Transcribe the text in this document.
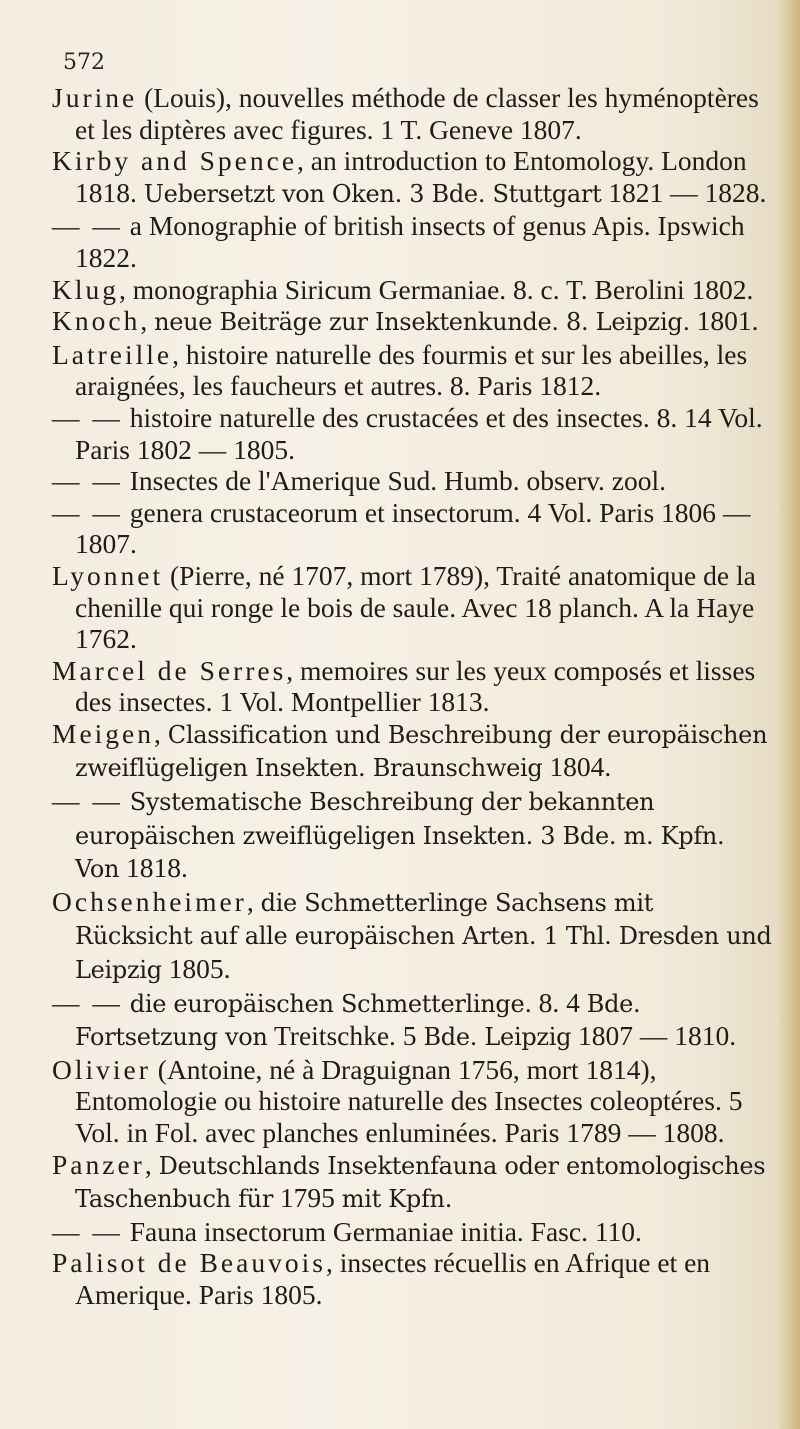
572
Jurine (Louis), nouvelles méthode de classer les hyménoptères et les diptères avec figures. 1 T. Geneve 1807.
Kirby and Spence, an introduction to Entomology. London 1818. Uebersetzt von Oken. 3 Bde. Stuttgart 1821 — 1828.
— — a Monographie of british insects of genus Apis. Ipswich 1822.
Klug, monographia Siricum Germaniae. 8. c. T. Berolini 1802.
Knoch, neue Beiträge zur Insektenkunde. 8. Leipzig. 1801.
Latreille, histoire naturelle des fourmis et sur les abeilles, les araignées, les faucheurs et autres. 8. Paris 1812.
— — histoire naturelle des crustacées et des insectes. 8. 14 Vol. Paris 1802 — 1805.
— — Insectes de l'Amerique Sud. Humb. observ. zool.
— — genera crustaceorum et insectorum. 4 Vol. Paris 1806 — 1807.
Lyonnet (Pierre, né 1707, mort 1789), Traité anatomique de la chenille qui ronge le bois de saule. Avec 18 planch. A la Haye 1762.
Marcel de Serres, memoires sur les yeux composés et lisses des insectes. 1 Vol. Montpellier 1813.
Meigen, Classification und Beschreibung der europäischen zweiflügeligen Insekten. Braunschweig 1804.
— — Systematische Beschreibung der bekannten europäischen zweiflügeligen Insekten. 3 Bde. m. Kpfn. Von 1818.
Ochsenheimer, die Schmetterlinge Sachsens mit Rücksicht auf alle europäischen Arten. 1 Thl. Dresden und Leipzig 1805.
— — die europäischen Schmetterlinge. 8. 4 Bde. Fortsetzung von Treitschke. 5 Bde. Leipzig 1807 — 1810.
Olivier (Antoine, né à Draguignan 1756, mort 1814), Entomologie ou histoire naturelle des Insectes coleoptéres. 5 Vol. in Fol. avec planches enluminées. Paris 1789 — 1808.
Panzer, Deutschlands Insektenfauna oder entomologisches Taschenbuch für 1795 mit Kpfn.
— — Fauna insectorum Germaniae initia. Fasc. 110.
Palisot de Beauvois, insectes récuellis en Afrique et en Amerique. Paris 1805.
